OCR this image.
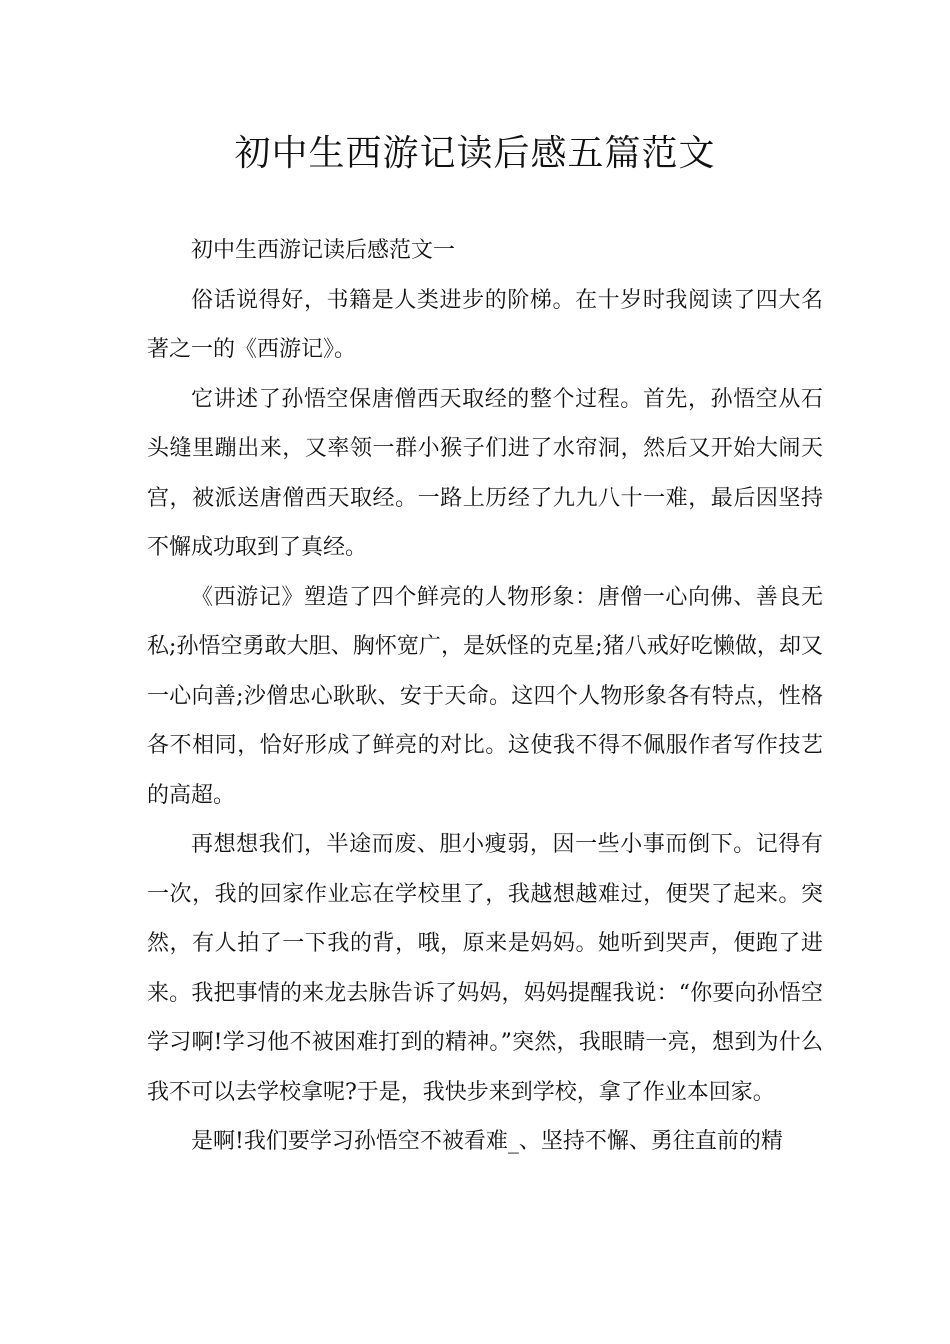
初中生西游记读后感五篇范文

初中生西游记读后感范文一

俗话说得好，书籍是人类进步的阶梯。在十岁时我阅读了四大名著之一的《西游记》。

它讲述了孙悟空保唐僧西天取经的整个过程。首先，孙悟空从石头缝里蹦出来，又率领一群小猴子们进了水帘洞，然后又开始大闹天宫，被派送唐僧西天取经。一路上历经了九九八十一难，最后因坚持不懈成功取到了真经。

《西游记》塑造了四个鲜亮的人物形象：唐僧一心向佛、善良无私;孙悟空勇敢大胆、胸怀宽广，是妖怪的克星;猪八戒好吃懒做，却又一心向善;沙僧忠心耿耿、安于天命。这四个人物形象各有特点，性格各不相同，恰好形成了鲜亮的对比。这使我不得不佩服作者写作技艺的高超。

再想想我们，半途而废、胆小瘦弱，因一些小事而倒下。记得有一次，我的回家作业忘在学校里了，我越想越难过，便哭了起来。突然，有人拍了一下我的背，哦，原来是妈妈。她听到哭声，便跑了进来。我把事情的来龙去脉告诉了妈妈，妈妈提醒我说：“你要向孙悟空学习啊!学习他不被困难打到的精神。”突然，我眼睛一亮，想到为什么我不可以去学校拿呢?于是，我快步来到学校，拿了作业本回家。

是啊!我们要学习孙悟空不被看难_、坚持不懈、勇往直前的精
